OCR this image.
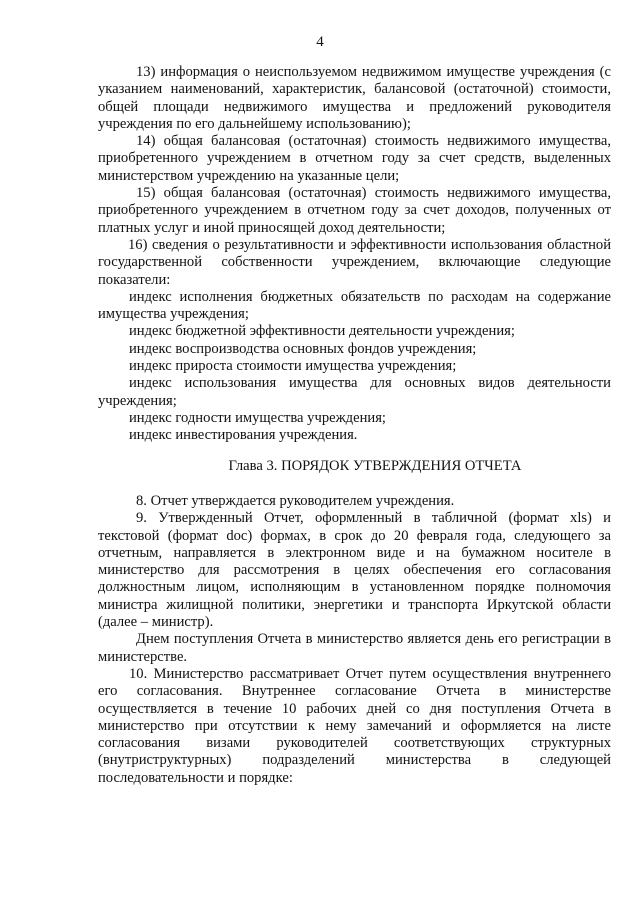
4

13) информация о неиспользуемом недвижимом имуществе учреждения (с указанием наименований, характеристик, балансовой (остаточной) стоимости, общей площади недвижимого имущества и предложений руководителя учреждения по его дальнейшему использованию);

14) общая балансовая (остаточная) стоимость недвижимого имущества, приобретенного учреждением в отчетном году за счет средств, выделенных министерством учреждению на указанные цели;

15) общая балансовая (остаточная) стоимость недвижимого имущества, приобретенного учреждением в отчетном году за счет доходов, полученных от платных услуг и иной приносящей доход деятельности;

16) сведения о результативности и эффективности использования областной государственной собственности учреждением, включающие следующие показатели:

индекс исполнения бюджетных обязательств по расходам на содержание имущества учреждения;

индекс бюджетной эффективности деятельности учреждения;

индекс воспроизводства основных фондов учреждения;

индекс прироста стоимости имущества учреждения;

индекс использования имущества для основных видов деятельности учреждения;

индекс годности имущества учреждения;

индекс инвестирования учреждения.

Глава 3. ПОРЯДОК УТВЕРЖДЕНИЯ ОТЧЕТА

8. Отчет утверждается руководителем учреждения.

9. Утвержденный Отчет, оформленный в табличной (формат xls) и текстовой (формат doc) формах, в срок до 20 февраля года, следующего за отчетным, направляется в электронном виде и на бумажном носителе в министерство для рассмотрения в целях обеспечения его согласования должностным лицом, исполняющим в установленном порядке полномочия министра жилищной политики, энергетики и транспорта Иркутской области (далее – министр).

Днем поступления Отчета в министерство является день его регистрации в министерстве.

10. Министерство рассматривает Отчет путем осуществления внутреннего его согласования. Внутреннее согласование Отчета в министерстве осуществляется в течение 10 рабочих дней со дня поступления Отчета в министерство при отсутствии к нему замечаний и оформляется на листе согласования визами руководителей соответствующих структурных (внутриструктурных) подразделений министерства в следующей последовательности и порядке:
